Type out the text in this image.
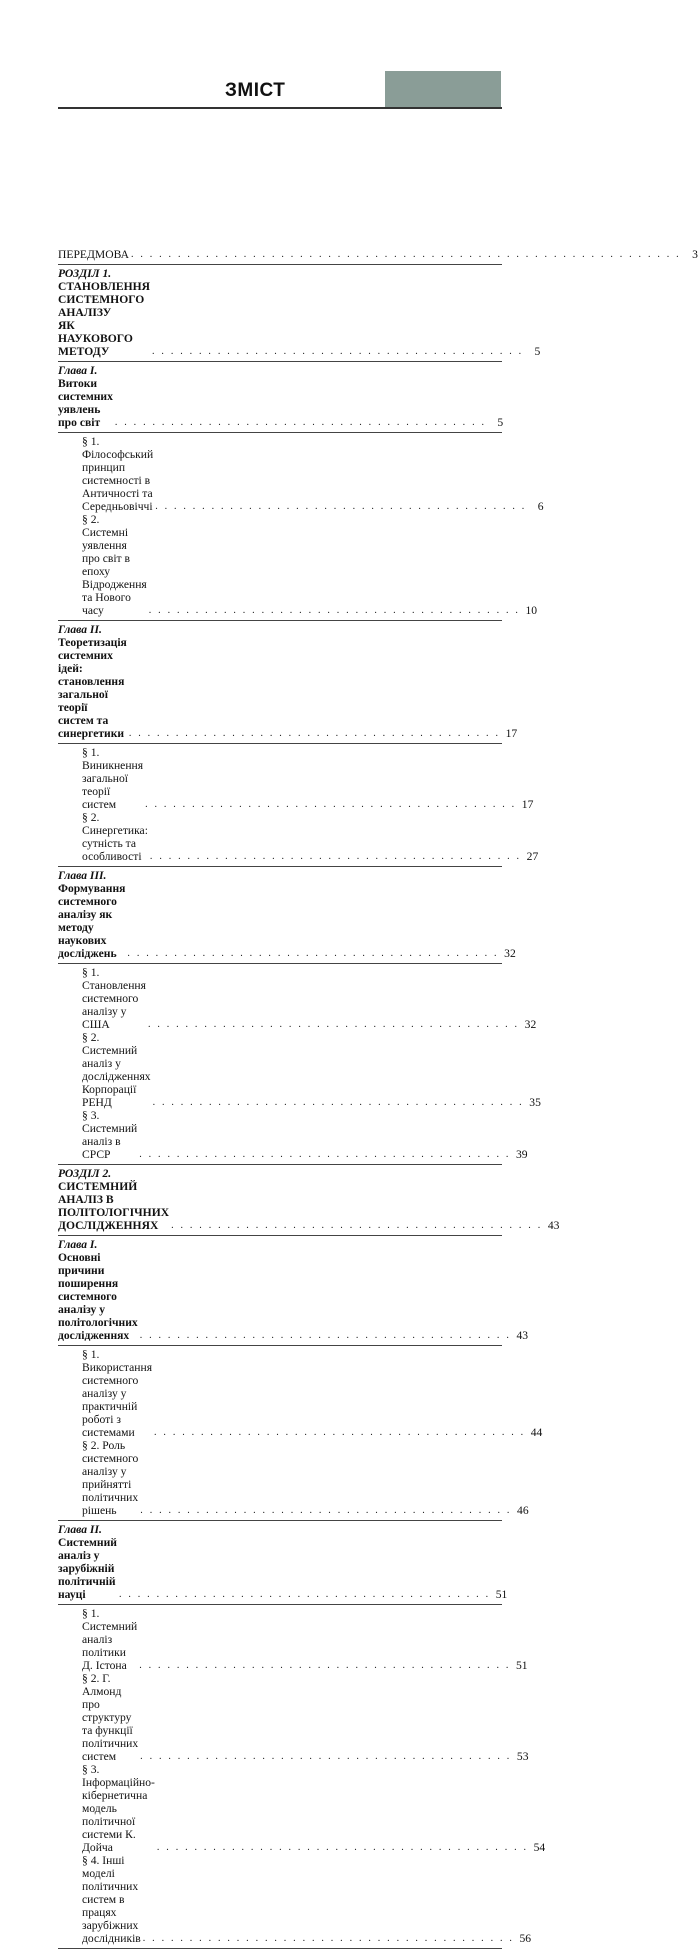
ЗМІСТ
ПЕРЕДМОВА . . . . . . . . . . . . . . . . . . . . . . . . . . . . . . . . . . . . . . . . . . . . . . . . . . . . . . . . . . . 3
РОЗДІЛ 1. СТАНОВЛЕННЯ СИСТЕМНОГО АНАЛІЗУ
ЯК НАУКОВОГО МЕТОДУ	. . . . . . . . . . . . . . . . . . . . . . . . . . . . . . . . . . . . . . . . 5
Глава І. Витоки системних уявлень про світ	. . . . . . . . . . . . . . . . . . . . . . . . . . . . . . . . . . . . . . . . 5
§ 1. Філософський принцип системності в Античності та
Середньовіччі . . . . . . . . . . . . . . . . . . . . . . . . . . . . . . . . . . . . . . . . 6
§ 2. Системні уявлення про світ в епоху Відродження та Нового
часу	. . . . . . . . . . . . . . . . . . . . . . . . . . . . . . . . . . . . . . . . 10
Глава ІІ. Теоретизація системних ідей: становлення загальної теорії
систем та синергетики . . . . . . . . . . . . . . . . . . . . . . . . . . . . . . . . . . . . . . . . 17
§ 1. Виникнення загальної теорії систем	. . . . . . . . . . . . . . . . . . . . . . . . . . . . . . . . . . . . . . . . 17
§ 2. Синергетика: сутність та особливості . . . . . . . . . . . . . . . . . . . . . . . . . . . . . . . . . . . . . . . . 27
Глава ІІІ. Формування системного аналізу як методу наукових
досліджень	. . . . . . . . . . . . . . . . . . . . . . . . . . . . . . . . . . . . . . . . 32
§ 1. Становлення системного аналізу у США	. . . . . . . . . . . . . . . . . . . . . . . . . . . . . . . . . . . . . . . . 32
§ 2. Системний аналіз у дослідженнях Корпорації РЕНД	. . . . . . . . . . . . . . . . . . . . . . . . . . . . . . . . . . . . . . . . 35
§ 3. Системний аналіз в СРСР	. . . . . . . . . . . . . . . . . . . . . . . . . . . . . . . . . . . . . . . . 39
РОЗДІЛ 2. СИСТЕМНИЙ АНАЛІЗ В ПОЛІТОЛОГІЧНИХ
ДОСЛІДЖЕННЯХ	. . . . . . . . . . . . . . . . . . . . . . . . . . . . . . . . . . . . . . . . 43
Глава І. Основні причини поширення системного аналізу у
політологічних дослідженнях	. . . . . . . . . . . . . . . . . . . . . . . . . . . . . . . . . . . . . . . . 43
§ 1. Використання системного аналізу у практичній роботі з
системами	. . . . . . . . . . . . . . . . . . . . . . . . . . . . . . . . . . . . . . . . 44
§ 2. Роль системного аналізу у прийнятті політичних рішень	. . . . . . . . . . . . . . . . . . . . . . . . . . . . . . . . . . . . . . . . 46
Глава ІІ. Системний аналіз у зарубіжній політичній науці	. . . . . . . . . . . . . . . . . . . . . . . . . . . . . . . . . . . . . . . . 51
§ 1. Системний аналіз політики Д. Істона	. . . . . . . . . . . . . . . . . . . . . . . . . . . . . . . . . . . . . . . . 51
§ 2. Г. Алмонд про структуру та функції політичних систем	. . . . . . . . . . . . . . . . . . . . . . . . . . . . . . . . . . . . . . . . 53
§ 3. Інформаційно-кібернетична модель політичної системи К. Дойча	. . . . . . . . . . . . . . . . . . . . . . . . . . . . . . . . . . . . . . . . 54
§ 4. Інші моделі політичних систем в працях зарубіжних дослідників . . . . . . . . . . . . . . . . . . . . . . . . . . . . . . . . . . . . . . . . 56
